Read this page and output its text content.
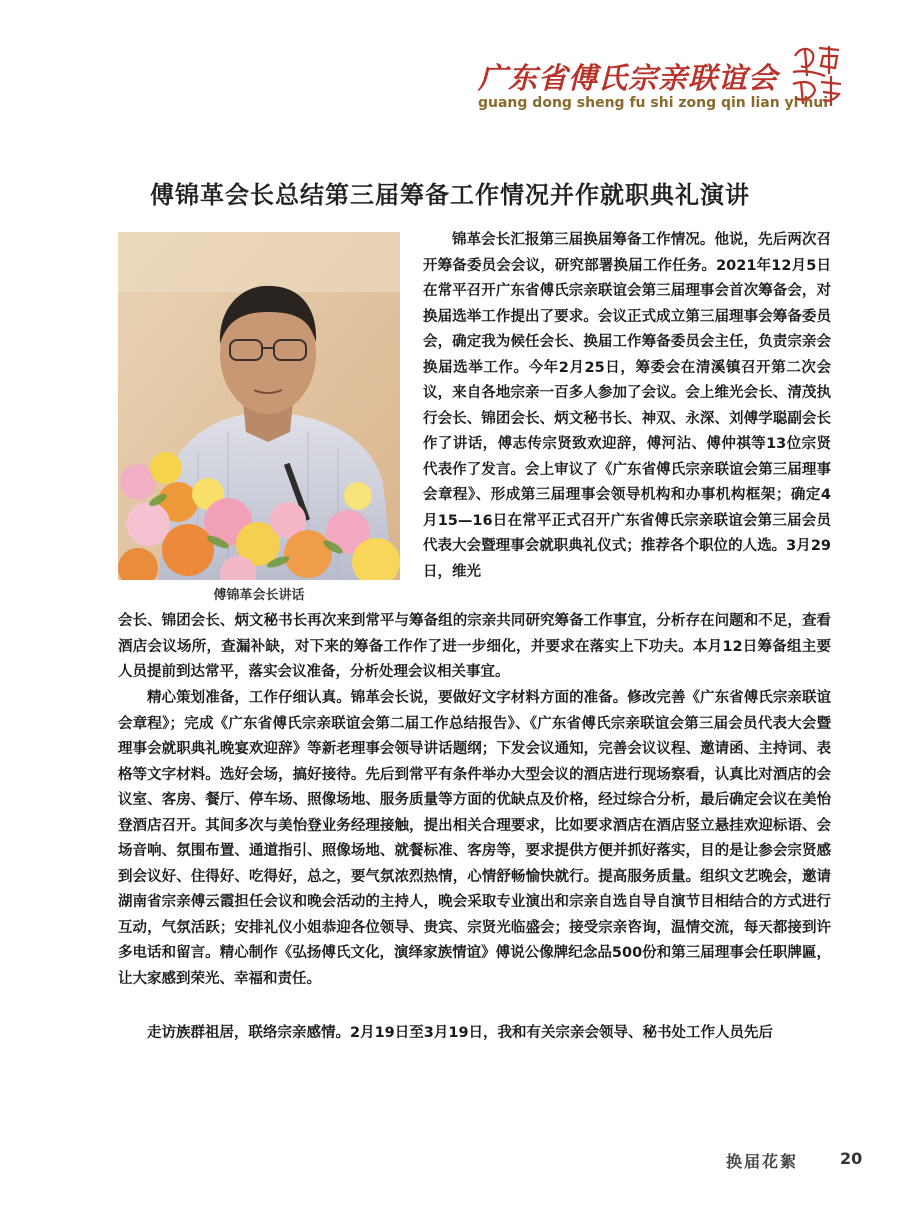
广东省傅氏宗亲联谊会
guang dong sheng fu shi zong qin lian yi hui
傅锦革会长总结第三届筹备工作情况并作就职典礼演讲
傅锦革会长讲话
锦革会长汇报第三届换届筹备工作情况。他说，先后两次召开筹备委员会会议，研究部署换届工作任务。2021年12月5日在常平召开广东省傅氏宗亲联谊会第三届理事会首次筹备会，对换届选举工作提出了要求。会议正式成立第三届理事会筹备委员会，确定我为候任会长、换届工作筹备委员会主任，负责宗亲会换届选举工作。今年2月25日，筹委会在清溪镇召开第二次会议，来自各地宗亲一百多人参加了会议。会上维光会长、清茂执行会长、锦团会长、炳文秘书长、神双、永深、刘傅学聪副会长作了讲话，傅志传宗贤致欢迎辞，傅河沾、傅仲祺等13位宗贤代表作了发言。会上审议了《广东省傅氏宗亲联谊会第三届理事会章程》、形成第三届理事会领导机构和办事机构框架；确定4月15—16日在常平正式召开广东省傅氏宗亲联谊会第三届会员代表大会暨理事会就职典礼仪式；推荐各个职位的人选。3月29日，维光
会长、锦团会长、炳文秘书长再次来到常平与筹备组的宗亲共同研究筹备工作事宜，分析存在问题和不足，查看酒店会议场所，查漏补缺，对下来的筹备工作作了进一步细化，并要求在落实上下功夫。本月12日筹备组主要人员提前到达常平，落实会议准备，分析处理会议相关事宜。
精心策划准备，工作仔细认真。锦革会长说，要做好文字材料方面的准备。修改完善《广东省傅氏宗亲联谊会章程》；完成《广东省傅氏宗亲联谊会第二届工作总结报告》、《广东省傅氏宗亲联谊会第三届会员代表大会暨理事会就职典礼晚宴欢迎辞》等新老理事会领导讲话题纲；下发会议通知，完善会议议程、邀请函、主持词、表格等文字材料。选好会场，搞好接待。先后到常平有条件举办大型会议的酒店进行现场察看，认真比对酒店的会议室、客房、餐厅、停车场、照像场地、服务质量等方面的优缺点及价格，经过综合分析，最后确定会议在美怡登酒店召开。其间多次与美怡登业务经理接触，提出相关合理要求，比如要求酒店在酒店竖立悬挂欢迎标语、会场音响、氛围布置、通道指引、照像场地、就餐标准、客房等，要求提供方便并抓好落实，目的是让参会宗贤感到会议好、住得好、吃得好，总之，要气氛浓烈热情，心情舒畅愉快就行。提高服务质量。组织文艺晚会，邀请湖南省宗亲傅云霞担任会议和晚会活动的主持人，晚会采取专业演出和宗亲自选自导自演节目相结合的方式进行互动，气氛活跃；安排礼仪小姐恭迎各位领导、贵宾、宗贤光临盛会；接受宗亲咨询，温情交流，每天都接到许多电话和留言。精心制作《弘扬傅氏文化，演绎家族情谊》傅说公像牌纪念品500份和第三届理事会任职牌匾，让大家感到荣光、幸福和责任。
走访族群祖居，联络宗亲感情。2月19日至3月19日，我和有关宗亲会领导、秘书处工作人员先后
换届花絮	20
